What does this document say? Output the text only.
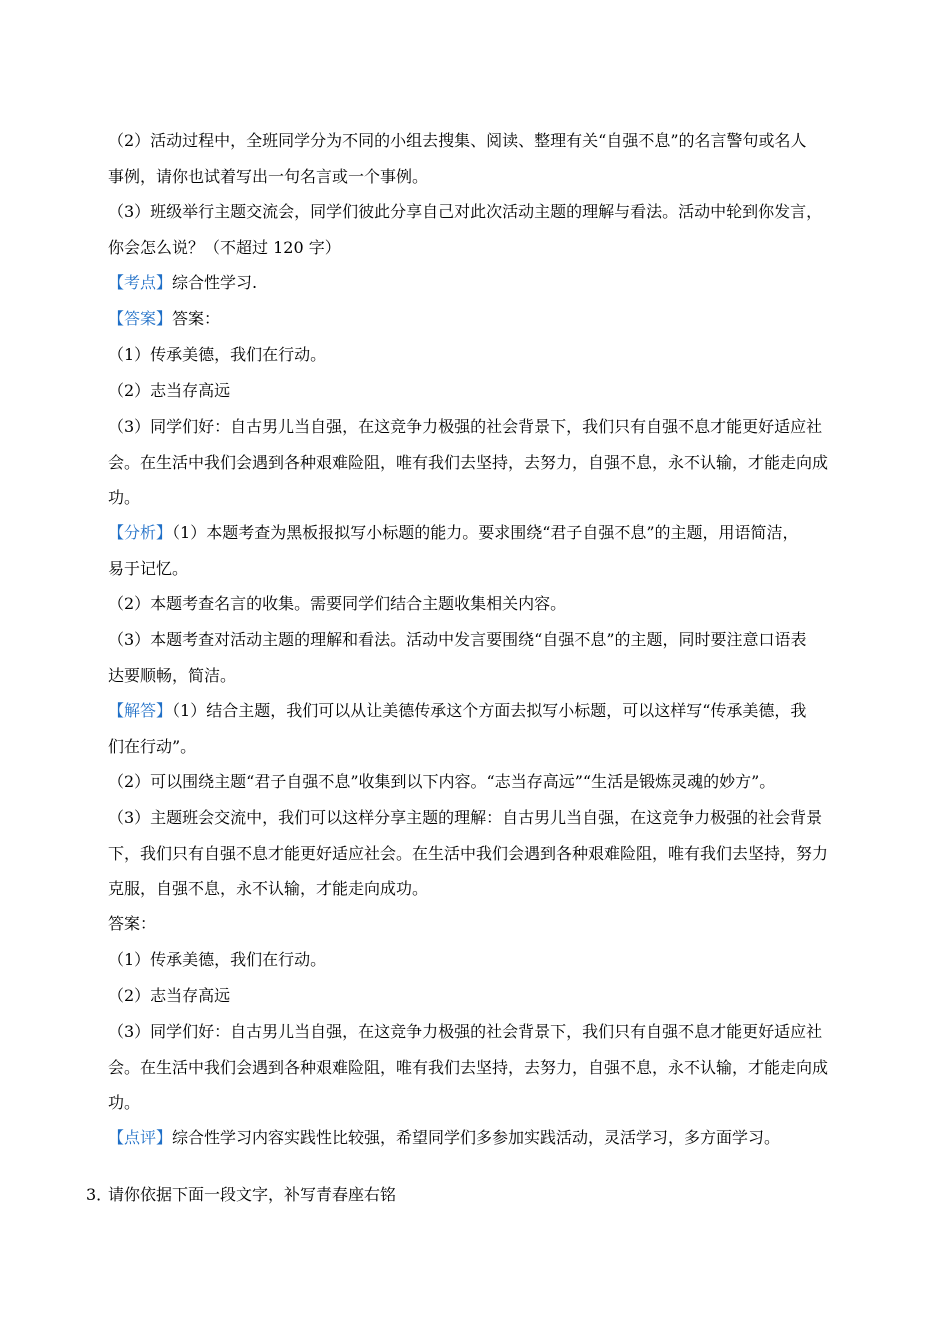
（2）活动过程中，全班同学分为不同的小组去搜集、阅读、整理有关“自强不息”的名言警句或名人
事例，请你也试着写出一句名言或一个事例。
（3）班级举行主题交流会，同学们彼此分享自己对此次活动主题的理解与看法。活动中轮到你发言，
你会怎么说？（不超过 120 字）
【考点】综合性学习.
【答案】答案：
（1）传承美德，我们在行动。
（2）志当存高远
（3）同学们好：自古男儿当自强，在这竞争力极强的社会背景下，我们只有自强不息才能更好适应社
会。在生活中我们会遇到各种艰难险阻，唯有我们去坚持，去努力，自强不息，永不认输，才能走向成
功。
【分析】（1）本题考查为黑板报拟写小标题的能力。要求围绕“君子自强不息”的主题，用语简洁，
易于记忆。
（2）本题考查名言的收集。需要同学们结合主题收集相关内容。
（3）本题考查对活动主题的理解和看法。活动中发言要围绕“自强不息”的主题，同时要注意口语表
达要顺畅，简洁。
【解答】（1）结合主题，我们可以从让美德传承这个方面去拟写小标题，可以这样写“传承美德，我
们在行动”。
（2）可以围绕主题“君子自强不息”收集到以下内容。“志当存高远”“生活是锻炼灵魂的妙方”。
（3）主题班会交流中，我们可以这样分享主题的理解：自古男儿当自强，在这竞争力极强的社会背景
下，我们只有自强不息才能更好适应社会。在生活中我们会遇到各种艰难险阻，唯有我们去坚持，努力
克服，自强不息，永不认输，才能走向成功。
答案：
（1）传承美德，我们在行动。
（2）志当存高远
（3）同学们好：自古男儿当自强，在这竞争力极强的社会背景下，我们只有自强不息才能更好适应社
会。在生活中我们会遇到各种艰难险阻，唯有我们去坚持，去努力，自强不息，永不认输，才能走向成
功。
【点评】综合性学习内容实践性比较强，希望同学们多参加实践活动，灵活学习，多方面学习。
3．请你依据下面一段文字，补写青春座右铭
